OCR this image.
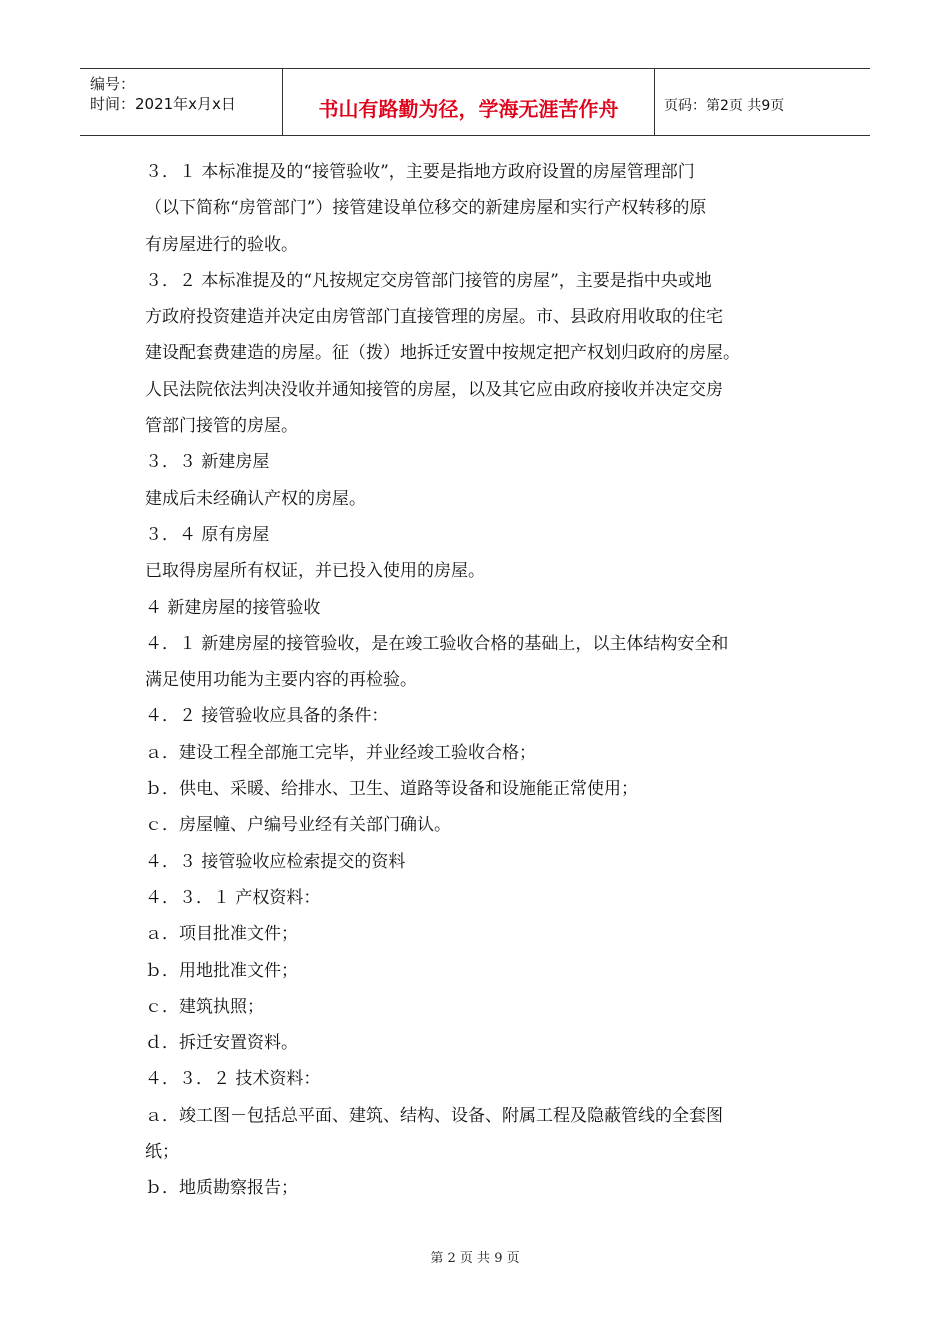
编号：
时间：2021年x月x日	书山有路勤为径，学海无涯苦作舟	页码：第2页 共9页

３．１ 本标准提及的“接管验收”，主要是指地方政府设置的房屋管理部门

（以下简称“房管部门”）接管建设单位移交的新建房屋和实行产权转移的原

有房屋进行的验收。

３．２ 本标准提及的“凡按规定交房管部门接管的房屋”，主要是指中央或地

方政府投资建造并决定由房管部门直接管理的房屋。市、县政府用收取的住宅

建设配套费建造的房屋。征（拨）地拆迁安置中按规定把产权划归政府的房屋。

人民法院依法判决没收并通知接管的房屋，以及其它应由政府接收并决定交房

管部门接管的房屋。

３．３ 新建房屋

建成后未经确认产权的房屋。

３．４ 原有房屋

已取得房屋所有权证，并已投入使用的房屋。

４ 新建房屋的接管验收

４．１ 新建房屋的接管验收，是在竣工验收合格的基础上，以主体结构安全和

满足使用功能为主要内容的再检验。

４．２ 接管验收应具备的条件：

ａ．建设工程全部施工完毕，并业经竣工验收合格；

ｂ．供电、采暖、给排水、卫生、道路等设备和设施能正常使用；

ｃ．房屋幢、户编号业经有关部门确认。

４．３ 接管验收应检索提交的资料

４．３．１ 产权资料：

ａ．项目批准文件；

ｂ．用地批准文件；

ｃ．建筑执照；

ｄ．拆迁安置资料。

４．３．２ 技术资料：

ａ．竣工图－包括总平面、建筑、结构、设备、附属工程及隐蔽管线的全套图

纸；

ｂ．地质勘察报告；

第 2 页 共 9 页
